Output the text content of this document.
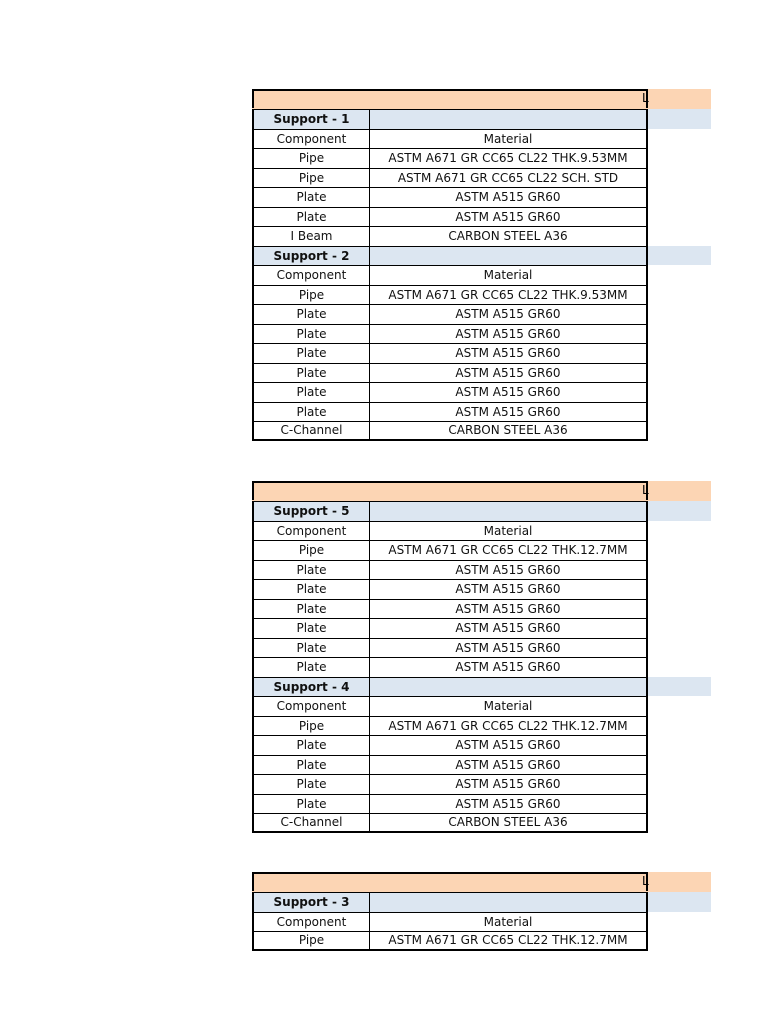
L
Support - 1
Component	Material
Pipe	ASTM A671 GR CC65 CL22 THK.9.53MM
Pipe	ASTM A671 GR CC65 CL22 SCH. STD
Plate	ASTM A515 GR60
Plate	ASTM A515 GR60
I Beam	CARBON STEEL A36
Support - 2
Component	Material
Pipe	ASTM A671 GR CC65 CL22 THK.9.53MM
Plate	ASTM A515 GR60
Plate	ASTM A515 GR60
Plate	ASTM A515 GR60
Plate	ASTM A515 GR60
Plate	ASTM A515 GR60
Plate	ASTM A515 GR60
C-Channel	CARBON STEEL A36
L
Support - 5
Component	Material
Pipe	ASTM A671 GR CC65 CL22 THK.12.7MM
Plate	ASTM A515 GR60
Plate	ASTM A515 GR60
Plate	ASTM A515 GR60
Plate	ASTM A515 GR60
Plate	ASTM A515 GR60
Plate	ASTM A515 GR60
Support - 4
Component	Material
Pipe	ASTM A671 GR CC65 CL22 THK.12.7MM
Plate	ASTM A515 GR60
Plate	ASTM A515 GR60
Plate	ASTM A515 GR60
Plate	ASTM A515 GR60
C-Channel	CARBON STEEL A36
L
Support - 3
Component	Material
Pipe	ASTM A671 GR CC65 CL22 THK.12.7MM
